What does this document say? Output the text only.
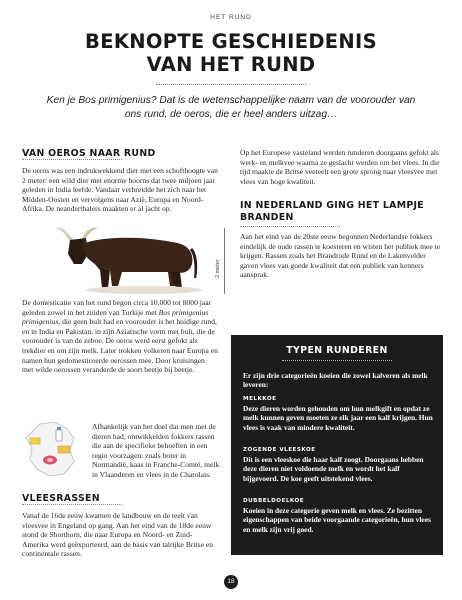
HET RUND
BEKNOPTE GESCHIEDENIS
VAN HET RUND
Ken je Bos primigenius? Dat is de wetenschappelijke naam van de voorouder van ons rund, de oeros, die er heel anders uitzag…
VAN OEROS NAAR RUND
De oeros was een indrukwekkend dier met een schofthoogte van 2 meter: een wild dier met enorme hoorns dat twee miljoen jaar geleden in India leefde. Vandaar verbreidde het zich naar het Midden-Oosten en vervolgens naar Azië, Europa en Noord-Afrika. De neanderthalers maakten er al jacht op.
2 meter
De domesticatie van het rund begon circa 10.000 tot 8000 jaar geleden zowel in het zuiden van Turkije met Bos primigenius primigenius, die geen bult had en voorouder is het huidige rund, en in India en Pakistan, in zijn Aziatische vorm met bult, die de voorouder is van de zeboe. De oeros werd eerst gefokt als trekdier en om zijn melk. Later trokken volkeren naar Europa en namen hun gedomesticeerde oerossen mee. Door kruisingen met wilde oerossen veranderde de soort beetje bij beetje.
Afhankelijk van het doel dat men met de dieren had, ontwikkelden fokkers rassen die aan de specifieke behoeften in een regio voorzagen: zoals boter in Normandië, kaas in Franche-Comté, melk in Vlaanderen en vlees in de Charolais.
VLEESRASSEN
Vanaf de 16de eeuw kwamen de landbouw en de teelt van vleesvee in Engeland op gang. Aan het eind van de 18de eeuw stond de Shorthorn, die naar Europa en Noord- en Zuid-Amerika werd geëxporteerd, aan de basis van talrijke Britse en continentale rassen.
Op het Europese vasteland werden runderen doorgaans gefokt als werk- en melkvee waarna ze geslacht werden om het vlees. In die tijd maakte de Britse veeteelt een grote sprong naar vleesvee met vlees van hoge kwaliteit.
IN NEDERLAND GING HET LAMPJE BRANDEN
Aan het eind van de 20ste eeuw begonnen Nederlandse fokkers eindelijk de oude rassen te koesteren en wisten het publiek mee te krijgen. Rassen zoals het Brandrode Rund en de Lakenvelder gaven vlees van goede kwaliteit dat een publiek van kenners aansprak.
TYPEN RUNDEREN
Er zijn drie categorieën koeien die zowel kalveren als melk leveren:
MELKKOE
Deze dieren worden gehouden om hun melkgift en opdat ze melk kunnen geven moeten ze elk jaar een kalf krijgen. Hun vlees is vaak van mindere kwaliteit.
ZOGENDE VLEESKOE
Dit is een vleeskoe die haar kalf zoogt. Doorgaans hebben deze dieren niet voldoende melk en wordt het kalf bijgevoerd. De koe geeft uitstekend vlees.
DUBBELDOELKOE
Koeien in deze categorie geven melk en vlees. Ze bezitten eigenschappen van beide voorgaande categorieën, hun vlees en melk zijn vrij goed.
18
